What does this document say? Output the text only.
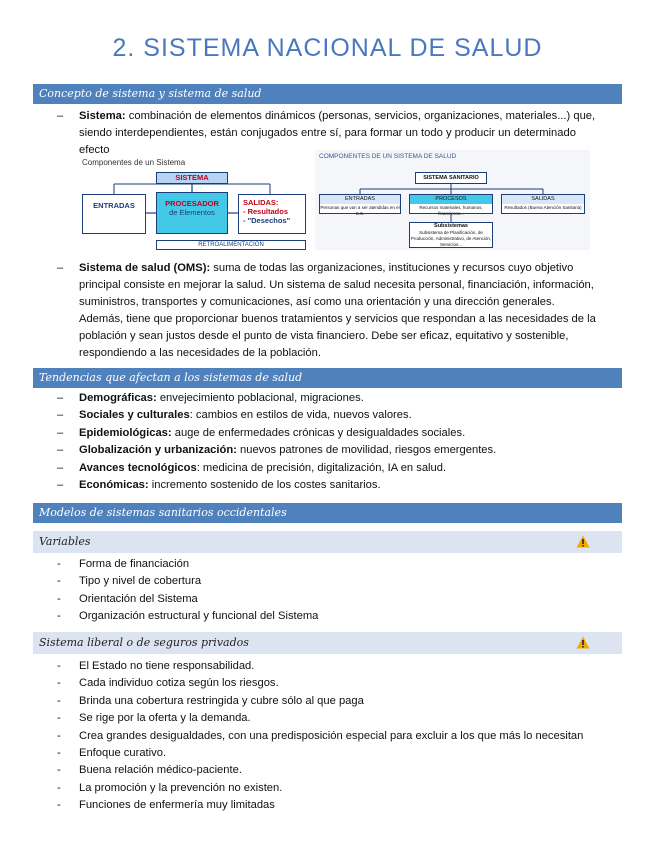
2. SISTEMA NACIONAL DE SALUD
Concepto de sistema y sistema de salud
– Sistema: combinación de elementos dinámicos (personas, servicios, organizaciones, materiales...) que,
siendo interdependientes, están conjugados entre sí, para formar un todo y producir un determinado
efecto
Componentes de un Sistema
SISTEMA
ENTRADAS	PROCESADOR
de Elementos
SALIDAS:
- Resultados
- "Desechos"
RETROALIMENTACIÓN
COMPONENTES DE UN SISTEMA DE SALUD
SISTEMA SANITARIO
ENTRADAS
Personas que van a ser atendidas en el S.S.
PROCESOS
Recursos materiales, humanos, financieros...
SALIDAS
Resultados (Buena Atención Sanitaria)
Subsistemas
Subsistema de Planificación, de Producción, Administrativo, de Atención, Servicios...
– Sistema de salud (OMS): suma de todas las organizaciones, instituciones y recursos cuyo objetivo
principal consiste en mejorar la salud. Un sistema de salud necesita personal, financiación, información,
suministros, transportes y comunicaciones, así como una orientación y una dirección generales.
Además, tiene que proporcionar buenos tratamientos y servicios que respondan a las necesidades de la
población y sean justos desde el punto de vista financiero. Debe ser eficaz, equitativo y sostenible,
respondiendo a las necesidades de la población.
Tendencias que afectan a los sistemas de salud
– Demográficas: envejecimiento poblacional, migraciones.
– Sociales y culturales: cambios en estilos de vida, nuevos valores.
– Epidemiológicas: auge de enfermedades crónicas y desigualdades sociales.
– Globalización y urbanización: nuevos patrones de movilidad, riesgos emergentes.
– Avances tecnológicos: medicina de precisión, digitalización, IA en salud.
– Económicas: incremento sostenido de los costes sanitarios.
Modelos de sistemas sanitarios occidentales
Variables
- Forma de financiación
- Tipo y nivel de cobertura
- Orientación del Sistema
- Organización estructural y funcional del Sistema
Sistema liberal o de seguros privados
- El Estado no tiene responsabilidad.
- Cada individuo cotiza según los riesgos.
- Brinda una cobertura restringida y cubre sólo al que paga
- Se rige por la oferta y la demanda.
- Crea grandes desigualdades, con una predisposición especial para excluir a los que más lo necesitan
- Enfoque curativo.
- Buena relación médico-paciente.
- La promoción y la prevención no existen.
- Funciones de enfermería muy limitadas
